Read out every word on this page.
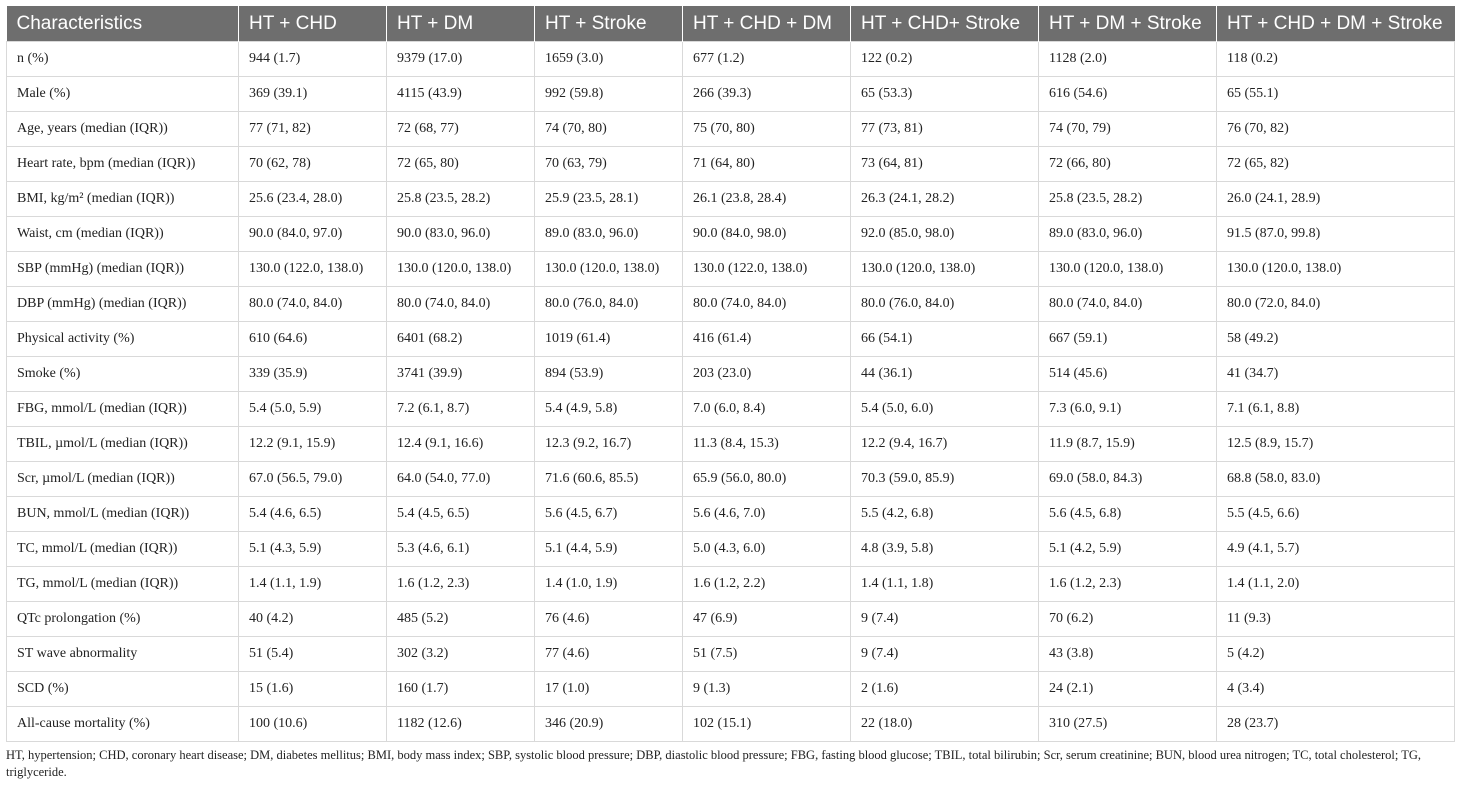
Characteristics	HT + CHD	HT + DM	HT + Stroke	HT + CHD + DM	HT + CHD+ Stroke	HT + DM + Stroke	HT + CHD + DM + Stroke
n (%)	944 (1.7)	9379 (17.0)	1659 (3.0)	677 (1.2)	122 (0.2)	1128 (2.0)	118 (0.2)
Male (%)	369 (39.1)	4115 (43.9)	992 (59.8)	266 (39.3)	65 (53.3)	616 (54.6)	65 (55.1)
Age, years (median (IQR))	77 (71, 82)	72 (68, 77)	74 (70, 80)	75 (70, 80)	77 (73, 81)	74 (70, 79)	76 (70, 82)
Heart rate, bpm (median (IQR))	70 (62, 78)	72 (65, 80)	70 (63, 79)	71 (64, 80)	73 (64, 81)	72 (66, 80)	72 (65, 82)
BMI, kg/m² (median (IQR))	25.6 (23.4, 28.0)	25.8 (23.5, 28.2)	25.9 (23.5, 28.1)	26.1 (23.8, 28.4)	26.3 (24.1, 28.2)	25.8 (23.5, 28.2)	26.0 (24.1, 28.9)
Waist, cm (median (IQR))	90.0 (84.0, 97.0)	90.0 (83.0, 96.0)	89.0 (83.0, 96.0)	90.0 (84.0, 98.0)	92.0 (85.0, 98.0)	89.0 (83.0, 96.0)	91.5 (87.0, 99.8)
SBP (mmHg) (median (IQR))	130.0 (122.0, 138.0)	130.0 (120.0, 138.0)	130.0 (120.0, 138.0)	130.0 (122.0, 138.0)	130.0 (120.0, 138.0)	130.0 (120.0, 138.0)	130.0 (120.0, 138.0)
DBP (mmHg) (median (IQR))	80.0 (74.0, 84.0)	80.0 (74.0, 84.0)	80.0 (76.0, 84.0)	80.0 (74.0, 84.0)	80.0 (76.0, 84.0)	80.0 (74.0, 84.0)	80.0 (72.0, 84.0)
Physical activity (%)	610 (64.6)	6401 (68.2)	1019 (61.4)	416 (61.4)	66 (54.1)	667 (59.1)	58 (49.2)
Smoke (%)	339 (35.9)	3741 (39.9)	894 (53.9)	203 (23.0)	44 (36.1)	514 (45.6)	41 (34.7)
FBG, mmol/L (median (IQR))	5.4 (5.0, 5.9)	7.2 (6.1, 8.7)	5.4 (4.9, 5.8)	7.0 (6.0, 8.4)	5.4 (5.0, 6.0)	7.3 (6.0, 9.1)	7.1 (6.1, 8.8)
TBIL, µmol/L (median (IQR))	12.2 (9.1, 15.9)	12.4 (9.1, 16.6)	12.3 (9.2, 16.7)	11.3 (8.4, 15.3)	12.2 (9.4, 16.7)	11.9 (8.7, 15.9)	12.5 (8.9, 15.7)
Scr, µmol/L (median (IQR))	67.0 (56.5, 79.0)	64.0 (54.0, 77.0)	71.6 (60.6, 85.5)	65.9 (56.0, 80.0)	70.3 (59.0, 85.9)	69.0 (58.0, 84.3)	68.8 (58.0, 83.0)
BUN, mmol/L (median (IQR))	5.4 (4.6, 6.5)	5.4 (4.5, 6.5)	5.6 (4.5, 6.7)	5.6 (4.6, 7.0)	5.5 (4.2, 6.8)	5.6 (4.5, 6.8)	5.5 (4.5, 6.6)
TC, mmol/L (median (IQR))	5.1 (4.3, 5.9)	5.3 (4.6, 6.1)	5.1 (4.4, 5.9)	5.0 (4.3, 6.0)	4.8 (3.9, 5.8)	5.1 (4.2, 5.9)	4.9 (4.1, 5.7)
TG, mmol/L (median (IQR))	1.4 (1.1, 1.9)	1.6 (1.2, 2.3)	1.4 (1.0, 1.9)	1.6 (1.2, 2.2)	1.4 (1.1, 1.8)	1.6 (1.2, 2.3)	1.4 (1.1, 2.0)
QTc prolongation (%)	40 (4.2)	485 (5.2)	76 (4.6)	47 (6.9)	9 (7.4)	70 (6.2)	11 (9.3)
ST wave abnormality	51 (5.4)	302 (3.2)	77 (4.6)	51 (7.5)	9 (7.4)	43 (3.8)	5 (4.2)
SCD (%)	15 (1.6)	160 (1.7)	17 (1.0)	9 (1.3)	2 (1.6)	24 (2.1)	4 (3.4)
All-cause mortality (%)	100 (10.6)	1182 (12.6)	346 (20.9)	102 (15.1)	22 (18.0)	310 (27.5)	28 (23.7)
HT, hypertension; CHD, coronary heart disease; DM, diabetes mellitus; BMI, body mass index; SBP, systolic blood pressure; DBP, diastolic blood pressure; FBG, fasting blood glucose; TBIL, total bilirubin; Scr, serum creatinine; BUN, blood urea nitrogen; TC, total cholesterol; TG, triglyceride.
